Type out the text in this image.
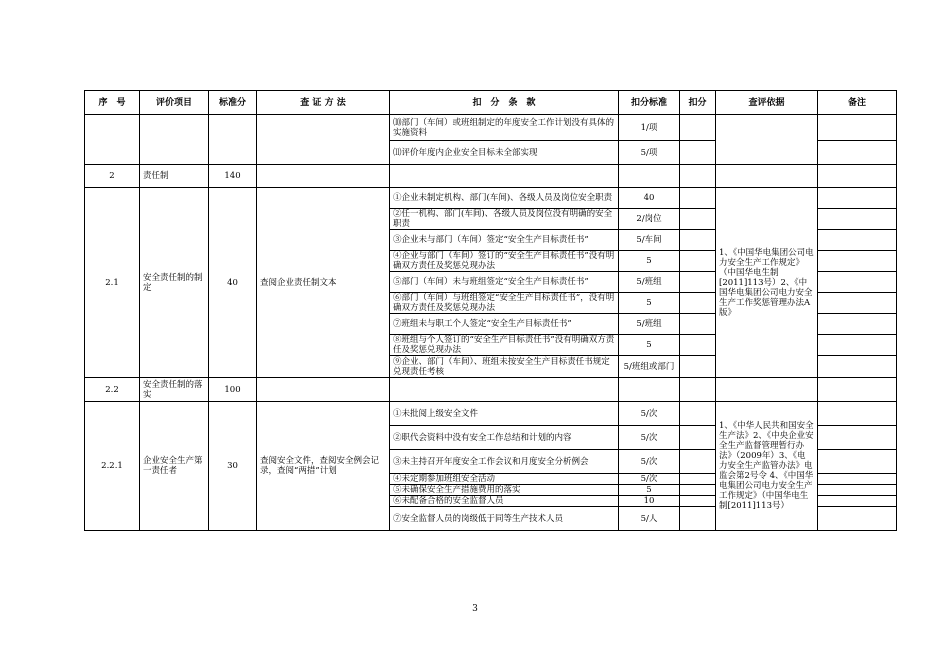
序　号	评价项目	标准分	查 证 方 法	扣　分　条　款	扣分标准	扣分	查评依据	备注
				⑽部门（车间）或班组制定的年度安全工作计划没有具体的实施资料	1/项			
				⑾评价年度内企业安全目标未全部实现	5/项			
2	责任制	140						
2.1	安全责任制的制定	40	查阅企业责任制文本	①企业未制定机构、部门(车间)、各级人员及岗位安全职责	40		1、《中国华电集团公司电力安全生产工作规定》（中国华电生制[2011]113号）2、《中国华电集团公司电力安全生产工作奖惩管理办法A版》	
				②任一机构、部门(车间)、各级人员及岗位没有明确的安全职责	2/岗位			
				③企业未与部门（车间）签定“安全生产目标责任书”	5/车间			
				④企业与部门（车间）签订的“安全生产目标责任书”没有明确双方责任及奖惩兑现办法	5			
				⑤部门（车间）未与班组签定“安全生产目标责任书”	5/班组			
				⑥部门（车间）与班组签定“安全生产目标责任书”，没有明确双方责任及奖惩兑现办法	5			
				⑦班组未与职工个人签定“安全生产目标责任书”	5/班组			
				⑧班组与个人签订的“安全生产目标责任书”没有明确双方责任及奖惩兑现办法	5			
				⑨企业、部门（车间）、班组未按安全生产目标责任书规定兑现责任考核	5/班组或部门			
2.2	安全责任制的落实	100						
2.2.1	企业安全生产第一责任者	30	查阅安全文件，查阅安全例会记录，查阅“两措”计划	①未批阅上级安全文件	5/次		1、《中华人民共和国安全生产法》2、《中央企业安全生产监督管理暂行办法》（2009年）3、《电力安全生产监管办法》电监会第2号令 4、《中国华电集团公司电力安全生产工作规定》（中国华电生制[2011]113号）	
				②职代会资料中没有安全工作总结和计划的内容	5/次			
				③未主持召开年度安全工作会议和月度安全分析例会	5/次			
				④未定期参加班组安全活动	5/次			
				⑤未确保安全生产措施费用的落实	5			
				⑥未配备合格的安全监督人员	10			
				⑦安全监督人员的岗级低于同等生产技术人员	5/人			
3
